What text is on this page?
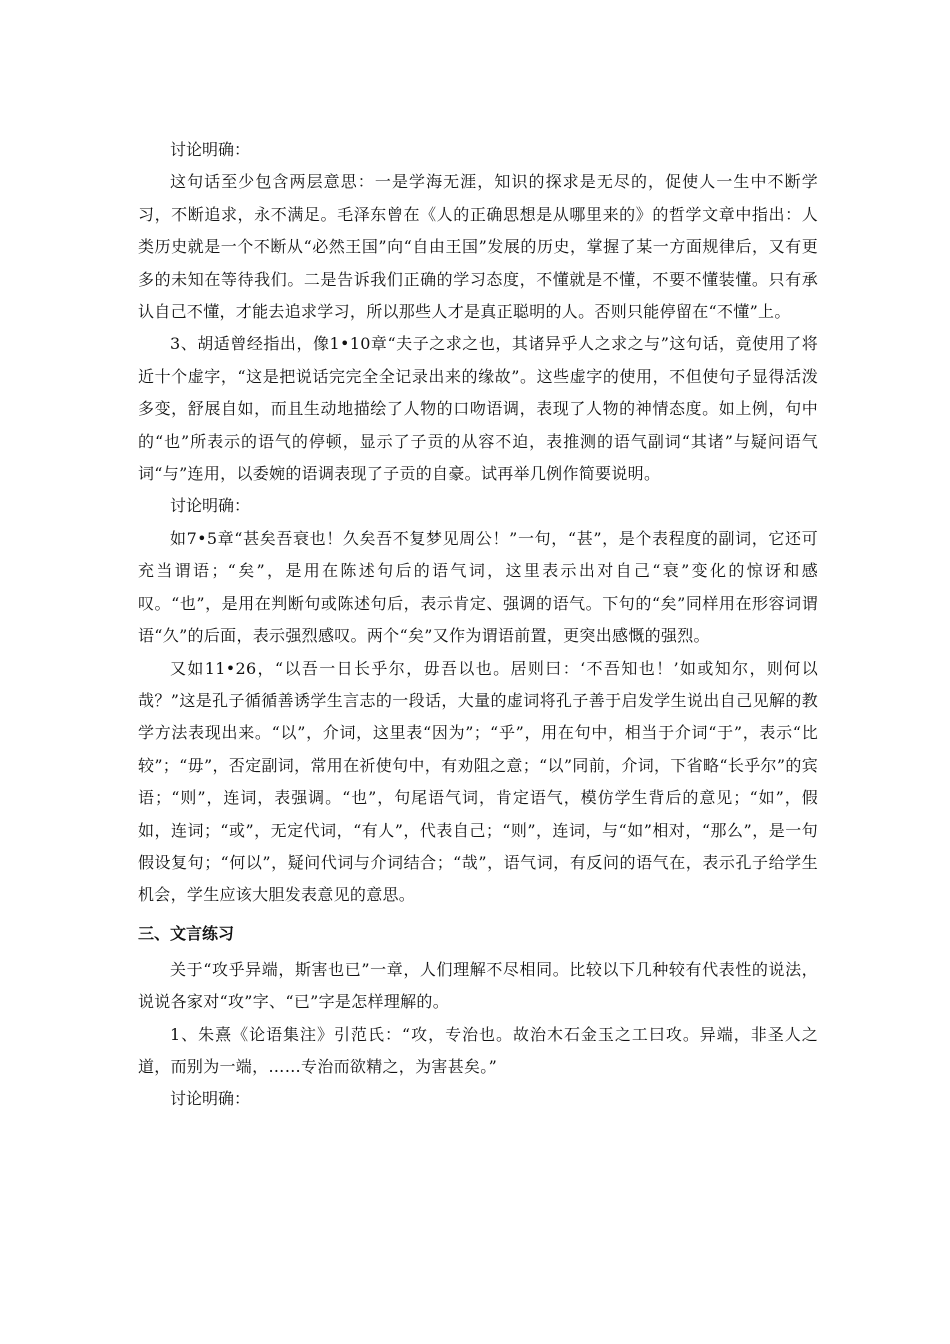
讨论明确：

这句话至少包含两层意思：一是学海无涯，知识的探求是无尽的，促使人一生中不断学习，不断追求，永不满足。毛泽东曾在《人的正确思想是从哪里来的》的哲学文章中指出：人类历史就是一个不断从“必然王国”向“自由王国”发展的历史，掌握了某一方面规律后，又有更多的未知在等待我们。二是告诉我们正确的学习态度，不懂就是不懂，不要不懂装懂。只有承认自己不懂，才能去追求学习，所以那些人才是真正聪明的人。否则只能停留在“不懂”上。

3、胡适曾经指出，像1•10章“夫子之求之也，其诸异乎人之求之与”这句话，竟使用了将近十个虚字，“这是把说话完完全全记录出来的缘故”。这些虚字的使用，不但使句子显得活泼多变，舒展自如，而且生动地描绘了人物的口吻语调，表现了人物的神情态度。如上例，句中的“也”所表示的语气的停顿，显示了子贡的从容不迫，表推测的语气副词“其诸”与疑问语气词“与”连用，以委婉的语调表现了子贡的自豪。试再举几例作简要说明。

讨论明确：

如7•5章“甚矣吾衰也！久矣吾不复梦见周公！”一句，“甚”，是个表程度的副词，它还可充当谓语；“矣”，是用在陈述句后的语气词，这里表示出对自己“衰”变化的惊讶和感叹。“也”，是用在判断句或陈述句后，表示肯定、强调的语气。下句的“矣”同样用在形容词谓语“久”的后面，表示强烈感叹。两个“矣”又作为谓语前置，更突出感慨的强烈。

又如11•26，“以吾一日长乎尔，毋吾以也。居则曰：‘不吾知也！’如或知尔，则何以哉？”这是孔子循循善诱学生言志的一段话，大量的虚词将孔子善于启发学生说出自己见解的教学方法表现出来。“以”，介词，这里表“因为”；“乎”，用在句中，相当于介词“于”，表示“比较”；“毋”，否定副词，常用在祈使句中，有劝阻之意；“以”同前，介词，下省略“长乎尔”的宾语；“则”，连词，表强调。“也”，句尾语气词，肯定语气，模仿学生背后的意见；“如”，假如，连词；“或”，无定代词，“有人”，代表自己；“则”，连词，与“如”相对，“那么”，是一句假设复句；“何以”，疑问代词与介词结合；“哉”，语气词，有反问的语气在，表示孔子给学生机会，学生应该大胆发表意见的意思。

三、文言练习

关于“攻乎异端，斯害也已”一章，人们理解不尽相同。比较以下几种较有代表性的说法，说说各家对“攻”字、“已”字是怎样理解的。

1、朱熹《论语集注》引范氏：“攻，专治也。故治木石金玉之工曰攻。异端，非圣人之道，而别为一端，……专治而欲精之，为害甚矣。”

讨论明确：
